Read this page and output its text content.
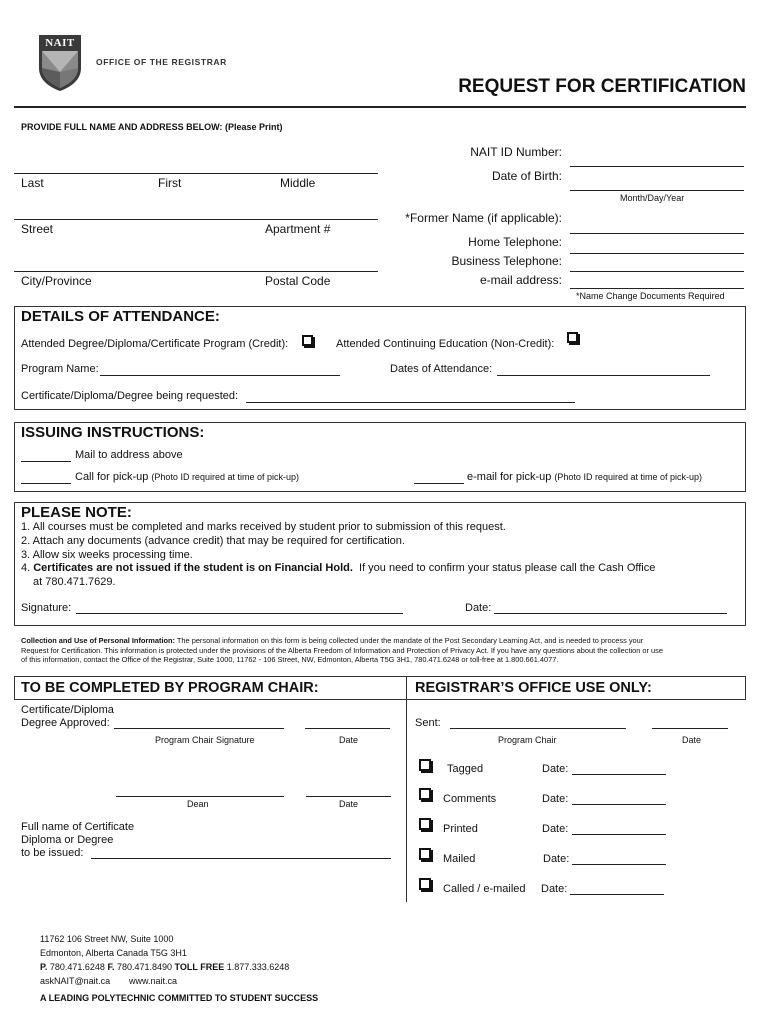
NAIT
OFFICE OF THE REGISTRAR
REQUEST FOR CERTIFICATION
PROVIDE FULL NAME AND ADDRESS BELOW: (Please Print)
Last	First	Middle
Street	Apartment #
City/Province	Postal Code
NAIT ID Number:
Date of Birth:
Month/Day/Year
*Former Name (if applicable):
Home Telephone:
Business Telephone:
e-mail address:
*Name Change Documents Required
DETAILS OF ATTENDANCE:
Attended Degree/Diploma/Certificate Program (Credit):	Attended Continuing Education (Non-Credit):
Program Name:	Dates of Attendance:
Certificate/Diploma/Degree being requested:
ISSUING INSTRUCTIONS:
Mail to address above
Call for pick-up (Photo ID required at time of pick-up)	e-mail for pick-up (Photo ID required at time of pick-up)
PLEASE NOTE:
1. All courses must be completed and marks received by student prior to submission of this request.
2. Attach any documents (advance credit) that may be required for certification.
3. Allow six weeks processing time.
4. Certificates are not issued if the student is on Financial Hold.  If you need to confirm your status please call the Cash Office
at 780.471.7629.
Signature:	Date:
Collection and Use of Personal Information: The personal information on this form is being collected under the mandate of the Post Secondary Learning Act, and is needed to process your
Request for Certification. This information is protected under the provisions of the Alberta Freedom of Information and Protection of Privacy Act. If you have any questions about the collection or use
of this information, contact the Office of the Registrar, Suite 1000, 11762 - 106 Street, NW, Edmonton, Alberta T5G 3H1, 780.471.6248 or toll-free at 1.800.661.4077.
TO BE COMPLETED BY PROGRAM CHAIR:	REGISTRAR’S OFFICE USE ONLY:
Certificate/Diploma
Degree Approved:
Program Chair Signature	Date
Dean	Date
Full name of Certificate
Diploma or Degree
to be issued:
Sent:
Program Chair	Date
Tagged	Date:
Comments	Date:
Printed	Date:
Mailed	Date:
Called / e-mailed Date:
11762 106 Street NW, Suite 1000
Edmonton, Alberta Canada T5G 3H1
P. 780.471.6248 F. 780.471.8490 TOLL FREE 1.877.333.6248
askNAIT@nait.ca www.nait.ca
A LEADING POLYTECHNIC COMMITTED TO STUDENT SUCCESS
